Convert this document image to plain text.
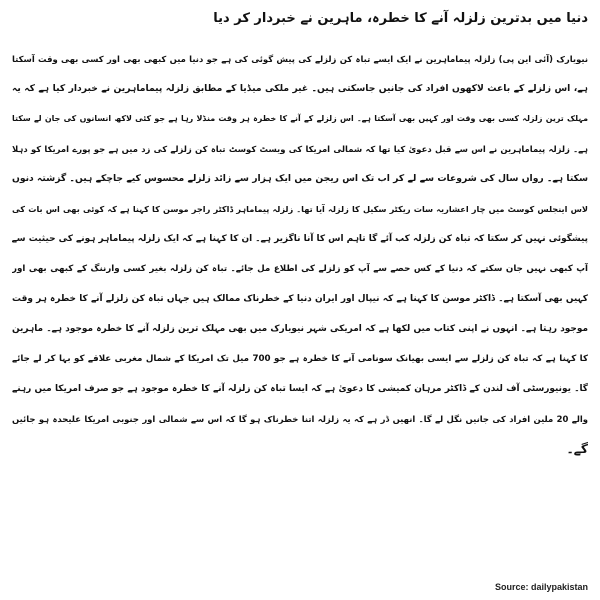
دنیا میں بدترین زلزلہ آنے کا خطرہ، ماہرین نے خبردار کر دیا
نیویارک (آئی این پی) زلزلہ پیماماہرین نے ایک ایسے تباہ کن زلزلے کی پیش گوئی کی ہے جو دنیا میں کبھی بھی اور کسی بھی وقت آسکتا
ہے، اس زلزلے کے باعث لاکھوں افراد کی جانیں جاسکتی ہیں۔ غیر ملکی میڈیا کے مطابق زلزلہ پیماماہرین نے خبردار کیا ہے کہ یہ
مہلک ترین زلزلہ کسی بھی وقت اور کہیں بھی آسکتا ہے۔ اس زلزلے کے آنے کا خطرہ ہر وقت منڈلا رہا ہے جو کئی لاکھ انسانوں کی جان لے سکتا
ہے۔ زلزلہ پیماماہرین نے اس سے قبل دعویٰ کیا تھا کہ شمالی امریکا کی ویسٹ کوسٹ تباہ کن زلزلے کی زد میں ہے جو پورے امریکا کو دہلا
سکتا ہے۔ رواں سال کی شروعات سے لے کر اب تک اس ریجن میں ایک ہزار سے زائد زلزلے محسوس کیے جاچکے ہیں۔ گزشتہ دنوں
لاس اینجلس کوسٹ میں چار اعشاریہ سات ریکٹر سکیل کا زلزلہ آیا تھا۔ زلزلہ پیماماہر ڈاکٹر راجر موسن کا کہنا ہے کہ کوئی بھی اس بات کی
پیشگوئی نہیں کر سکتا کہ تباہ کن زلزلہ کب آئے گا تاہم اس کا آنا ناگزیر ہے۔ ان کا کہنا ہے کہ ایک زلزلہ پیماماہر ہونے کی حیثیت سے
آپ کبھی نہیں جان سکتے کہ دنیا کے کس حصے سے آپ کو زلزلے کی اطلاع مل جائے۔ تباہ کن زلزلہ بغیر کسی وارننگ کے کبھی بھی اور
کہیں بھی آسکتا ہے۔ ڈاکٹر موسن کا کہنا ہے کہ نیپال اور ایران دنیا کے خطرناک ممالک ہیں جہاں تباہ کن زلزلے آنے کا خطرہ ہر وقت
موجود رہتا ہے۔ انہوں نے اپنی کتاب میں لکھا ہے کہ امریکی شہر نیویارک میں بھی مہلک ترین زلزلہ آنے کا خطرہ موجود ہے۔ ماہرین
کا کہنا ہے کہ تباہ کن زلزلے سے ایسی بھیانک سونامی آنے کا خطرہ ہے جو 700 میل تک امریکا کے شمال مغربی علاقے کو بہا کر لے جائے
گا۔ یونیورسٹی آف لندن کے ڈاکٹر مرہان کمیشی کا دعویٰ ہے کہ ایسا تباہ کن زلزلہ آنے کا خطرہ موجود ہے جو صرف امریکا میں رہنے
والے 20 ملین افراد کی جانیں نگل لے گا۔ انھیں ڈر ہے کہ یہ زلزلہ اتنا خطرناک ہو گا کہ اس سے شمالی اور جنوبی امریکا علیحدہ ہو جائیں
گے۔
Source: dailypakistan
